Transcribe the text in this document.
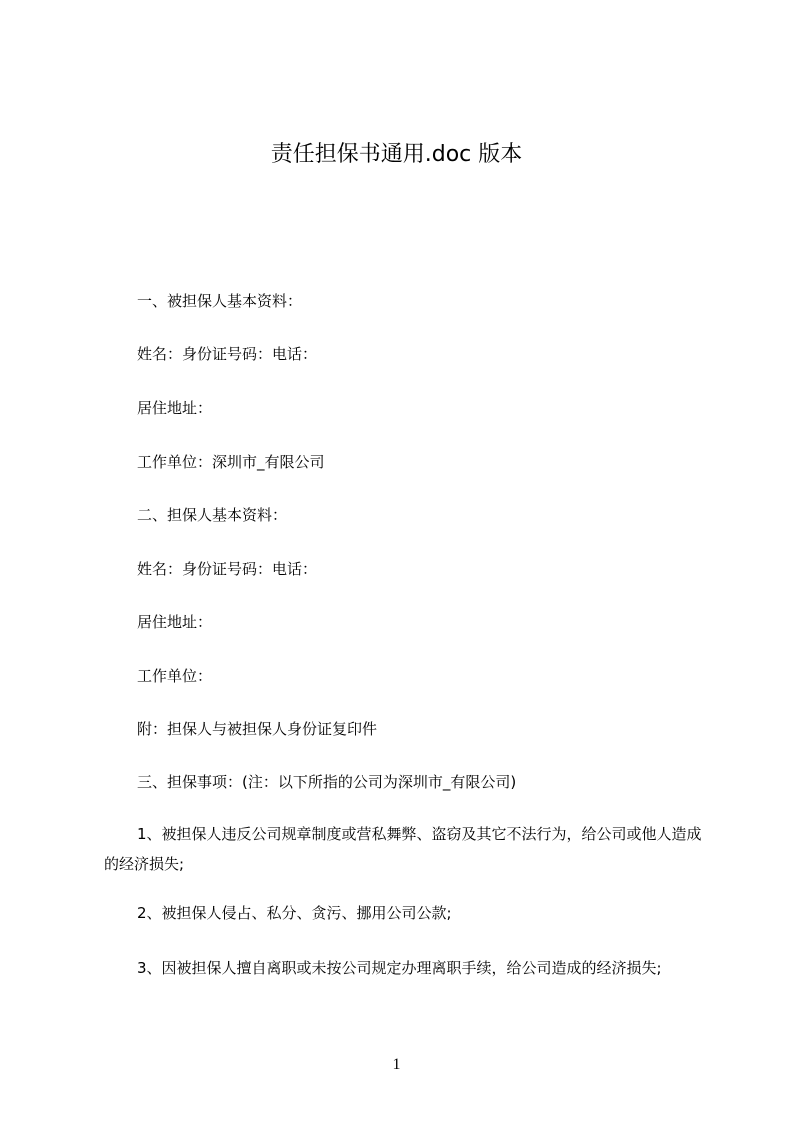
责任担保书通用.doc 版本
一、被担保人基本资料：
姓名：身份证号码：电话：
居住地址：
工作单位：深圳市_有限公司
二、担保人基本资料：
姓名：身份证号码：电话：
居住地址：
工作单位：
附：担保人与被担保人身份证复印件
三、担保事项：(注：以下所指的公司为深圳市_有限公司)
1、被担保人违反公司规章制度或营私舞弊、盗窃及其它不法行为，给公司或他人造成的经济损失;
2、被担保人侵占、私分、贪污、挪用公司公款;
3、因被担保人擅自离职或未按公司规定办理离职手续，给公司造成的经济损失;
1
